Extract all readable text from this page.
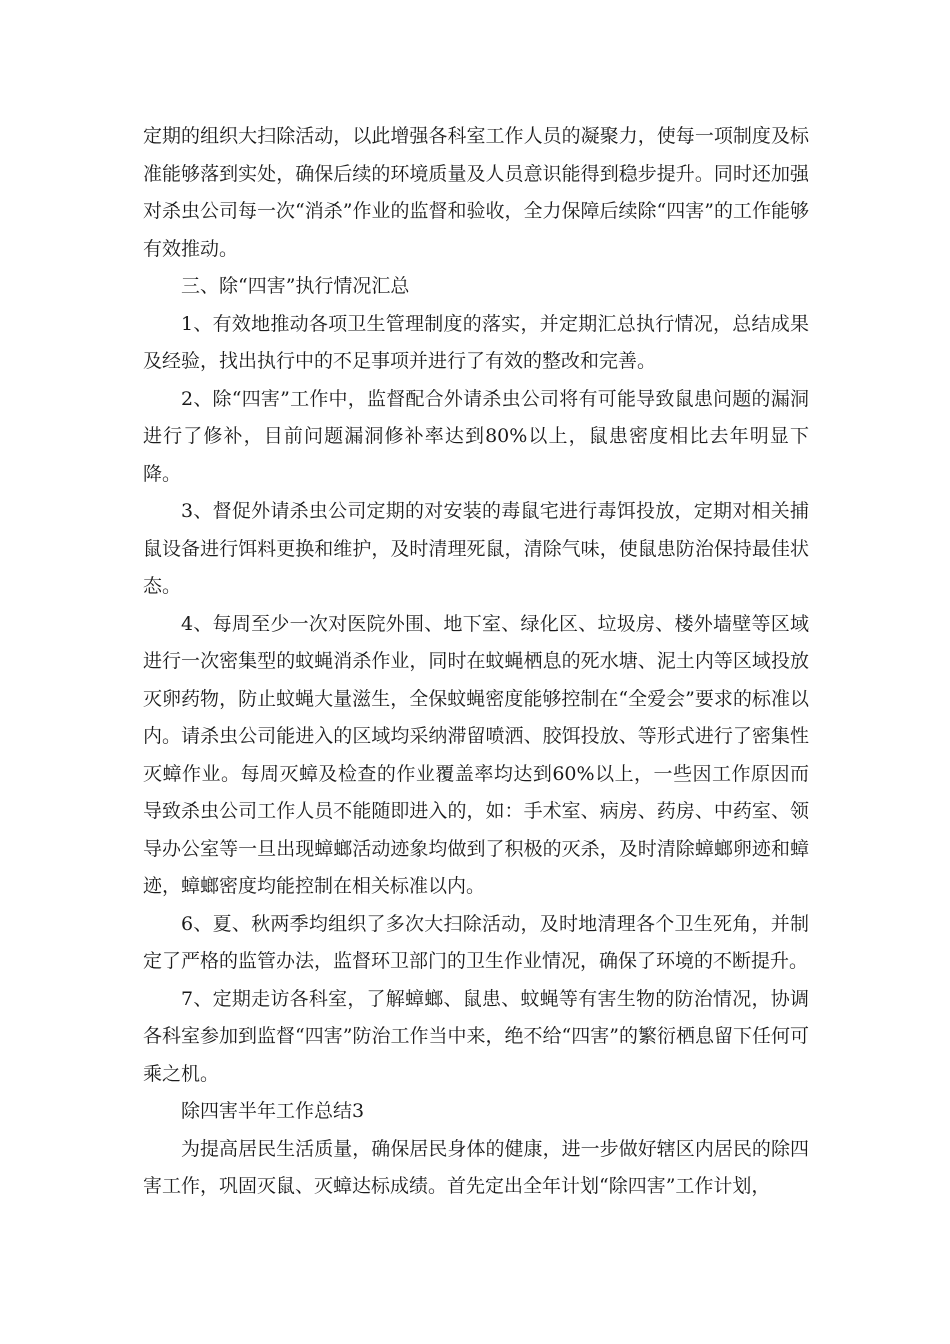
定期的组织大扫除活动，以此增强各科室工作人员的凝聚力，使每一项制度及标准能够落到实处，确保后续的环境质量及人员意识能得到稳步提升。同时还加强对杀虫公司每一次“消杀”作业的监督和验收，全力保障后续除“四害”的工作能够有效推动。

三、除“四害”执行情况汇总

1、有效地推动各项卫生管理制度的落实，并定期汇总执行情况，总结成果及经验，找出执行中的不足事项并进行了有效的整改和完善。

2、除“四害”工作中，监督配合外请杀虫公司将有可能导致鼠患问题的漏洞进行了修补，目前问题漏洞修补率达到80%以上，鼠患密度相比去年明显下降。

3、督促外请杀虫公司定期的对安装的毒鼠宅进行毒饵投放，定期对相关捕鼠设备进行饵料更换和维护，及时清理死鼠，清除气味，使鼠患防治保持最佳状态。

4、每周至少一次对医院外围、地下室、绿化区、垃圾房、楼外墙壁等区域进行一次密集型的蚊蝇消杀作业，同时在蚊蝇栖息的死水塘、泥土内等区域投放灭卵药物，防止蚊蝇大量滋生，全保蚊蝇密度能够控制在“全爱会”要求的标准以内。请杀虫公司能进入的区域均采纳滞留喷洒、胶饵投放、等形式进行了密集性灭蟑作业。每周灭蟑及检查的作业覆盖率均达到60%以上，一些因工作原因而导致杀虫公司工作人员不能随即进入的，如：手术室、病房、药房、中药室、领导办公室等一旦出现蟑螂活动迹象均做到了积极的灭杀，及时清除蟑螂卵迹和蟑迹，蟑螂密度均能控制在相关标准以内。

6、夏、秋两季均组织了多次大扫除活动，及时地清理各个卫生死角，并制定了严格的监管办法，监督环卫部门的卫生作业情况，确保了环境的不断提升。

7、定期走访各科室，了解蟑螂、鼠患、蚊蝇等有害生物的防治情况，协调各科室参加到监督“四害”防治工作当中来，绝不给“四害”的繁衍栖息留下任何可乘之机。

除四害半年工作总结3

为提高居民生活质量，确保居民身体的健康，进一步做好辖区内居民的除四害工作，巩固灭鼠、灭蟑达标成绩。首先定出全年计划“除四害”工作计划，
